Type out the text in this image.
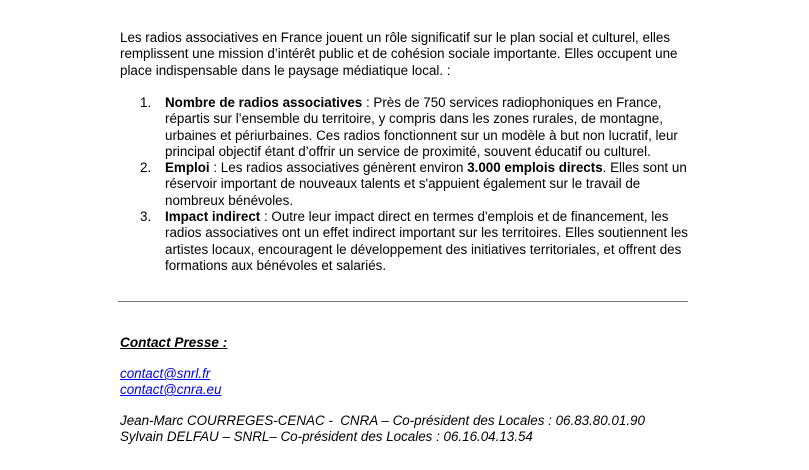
Les radios associatives en France jouent un rôle significatif sur le plan social et culturel, elles remplissent une mission d’intérêt public et de cohésion sociale importante. Elles occupent une place indispensable dans le paysage médiatique local. :

1. Nombre de radios associatives : Près de 750 services radiophoniques en France, répartis sur l’ensemble du territoire, y compris dans les zones rurales, de montagne, urbaines et périurbaines. Ces radios fonctionnent sur un modèle à but non lucratif, leur principal objectif étant d’offrir un service de proximité, souvent éducatif ou culturel.
2. Emploi : Les radios associatives génèrent environ 3.000 emplois directs. Elles sont un réservoir important de nouveaux talents et s'appuient également sur le travail de nombreux bénévoles.
3. Impact indirect : Outre leur impact direct en termes d'emplois et de financement, les radios associatives ont un effet indirect important sur les territoires. Elles soutiennent les artistes locaux, encouragent le développement des initiatives territoriales, et offrent des formations aux bénévoles et salariés.
Contact Presse :
contact@snrl.fr
contact@cnra.eu
Jean-Marc COURREGES-CENAC -  CNRA – Co-président des Locales : 06.83.80.01.90
Sylvain DELFAU – SNRL– Co-président des Locales : 06.16.04.13.54
